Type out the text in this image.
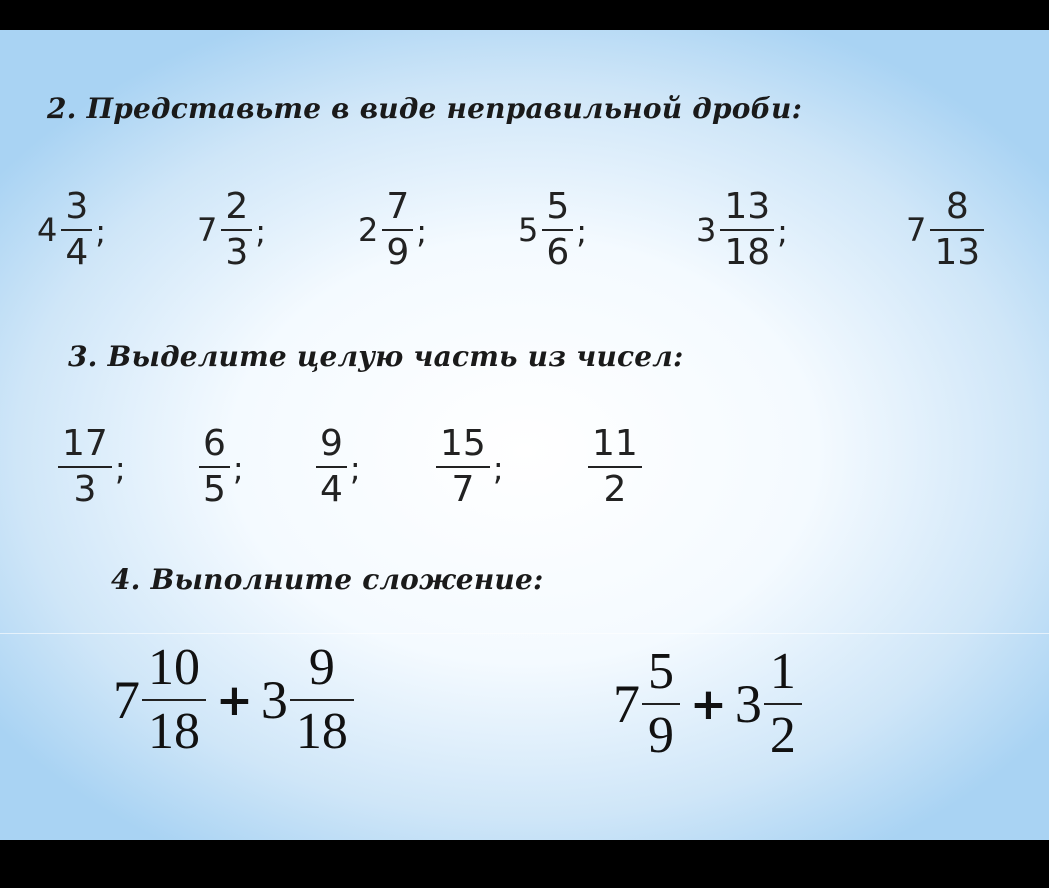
2. Представьте в виде неправильной дроби:
$4 \frac{3}{4}$ ;	$7 \frac{2}{3}$ ;	$2 \frac{7}{9}$ ;	$5 \frac{5}{6}$ ;	$3 \frac{13}{18}$ ;	$7 \frac{8}{13}$
3. Выделите целую часть из чисел:
$\frac{17}{3}$ ; $\frac{6}{5}$ ; $\frac{9}{4}$ ; $\frac{15}{7}$ ; $\frac{11}{2}$
4. Выполните сложение:
$7 \frac{10}{18} + 3 \frac{9}{18}$	$7 \frac{5}{9} + 3 \frac{1}{2}$
